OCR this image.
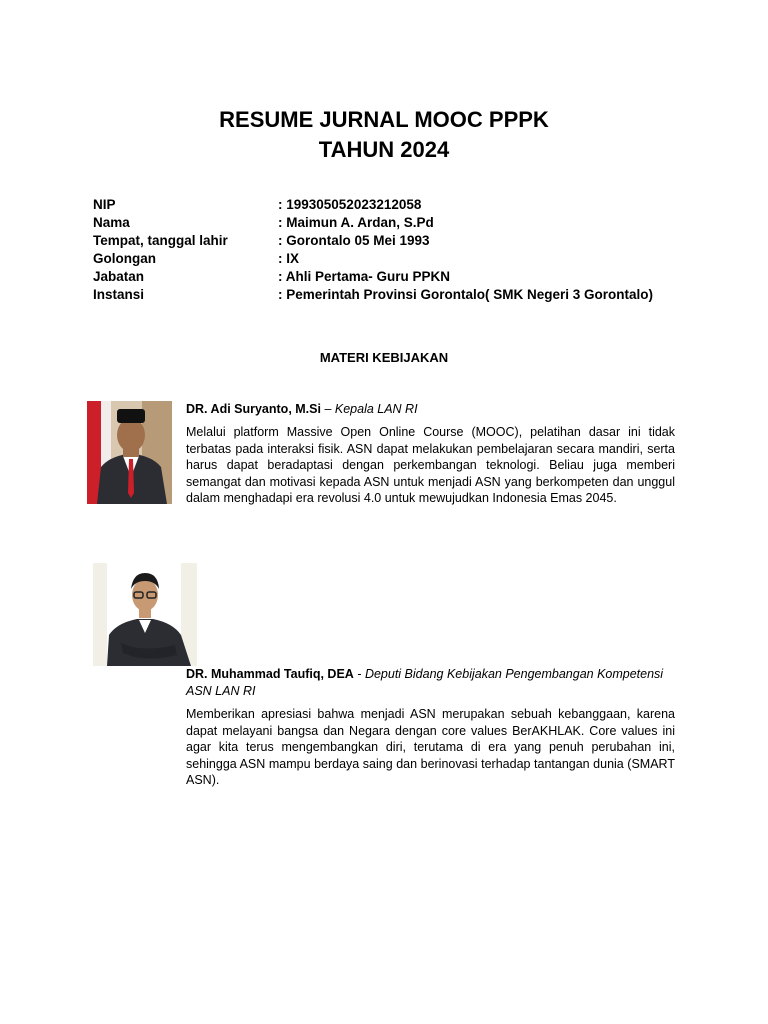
RESUME JURNAL MOOC PPPK
TAHUN 2024
NIP	: 199305052023212058
Nama	: Maimun A. Ardan, S.Pd
Tempat, tanggal lahir	: Gorontalo 05 Mei 1993
Golongan	: IX
Jabatan	: Ahli Pertama- Guru PPKN
Instansi	: Pemerintah Provinsi Gorontalo( SMK Negeri 3 Gorontalo)
MATERI KEBIJAKAN
DR. Adi Suryanto, M.Si – Kepala LAN RI
Melalui platform Massive Open Online Course (MOOC), pelatihan dasar ini tidak terbatas pada interaksi fisik. ASN dapat melakukan pembelajaran secara mandiri, serta harus dapat beradaptasi dengan perkembangan teknologi. Beliau juga memberi semangat dan motivasi kepada ASN untuk menjadi ASN yang berkompeten dan unggul dalam menghadapi era revolusi 4.0 untuk mewujudkan Indonesia Emas 2045.
DR. Muhammad Taufiq, DEA - Deputi Bidang Kebijakan Pengembangan Kompetensi ASN LAN RI
Memberikan apresiasi bahwa menjadi ASN merupakan sebuah kebanggaan, karena dapat melayani bangsa dan Negara dengan core values BerAKHLAK. Core values ini agar kita terus mengembangkan diri, terutama di era yang penuh perubahan ini, sehingga ASN mampu berdaya saing dan berinovasi terhadap tantangan dunia (SMART ASN).
